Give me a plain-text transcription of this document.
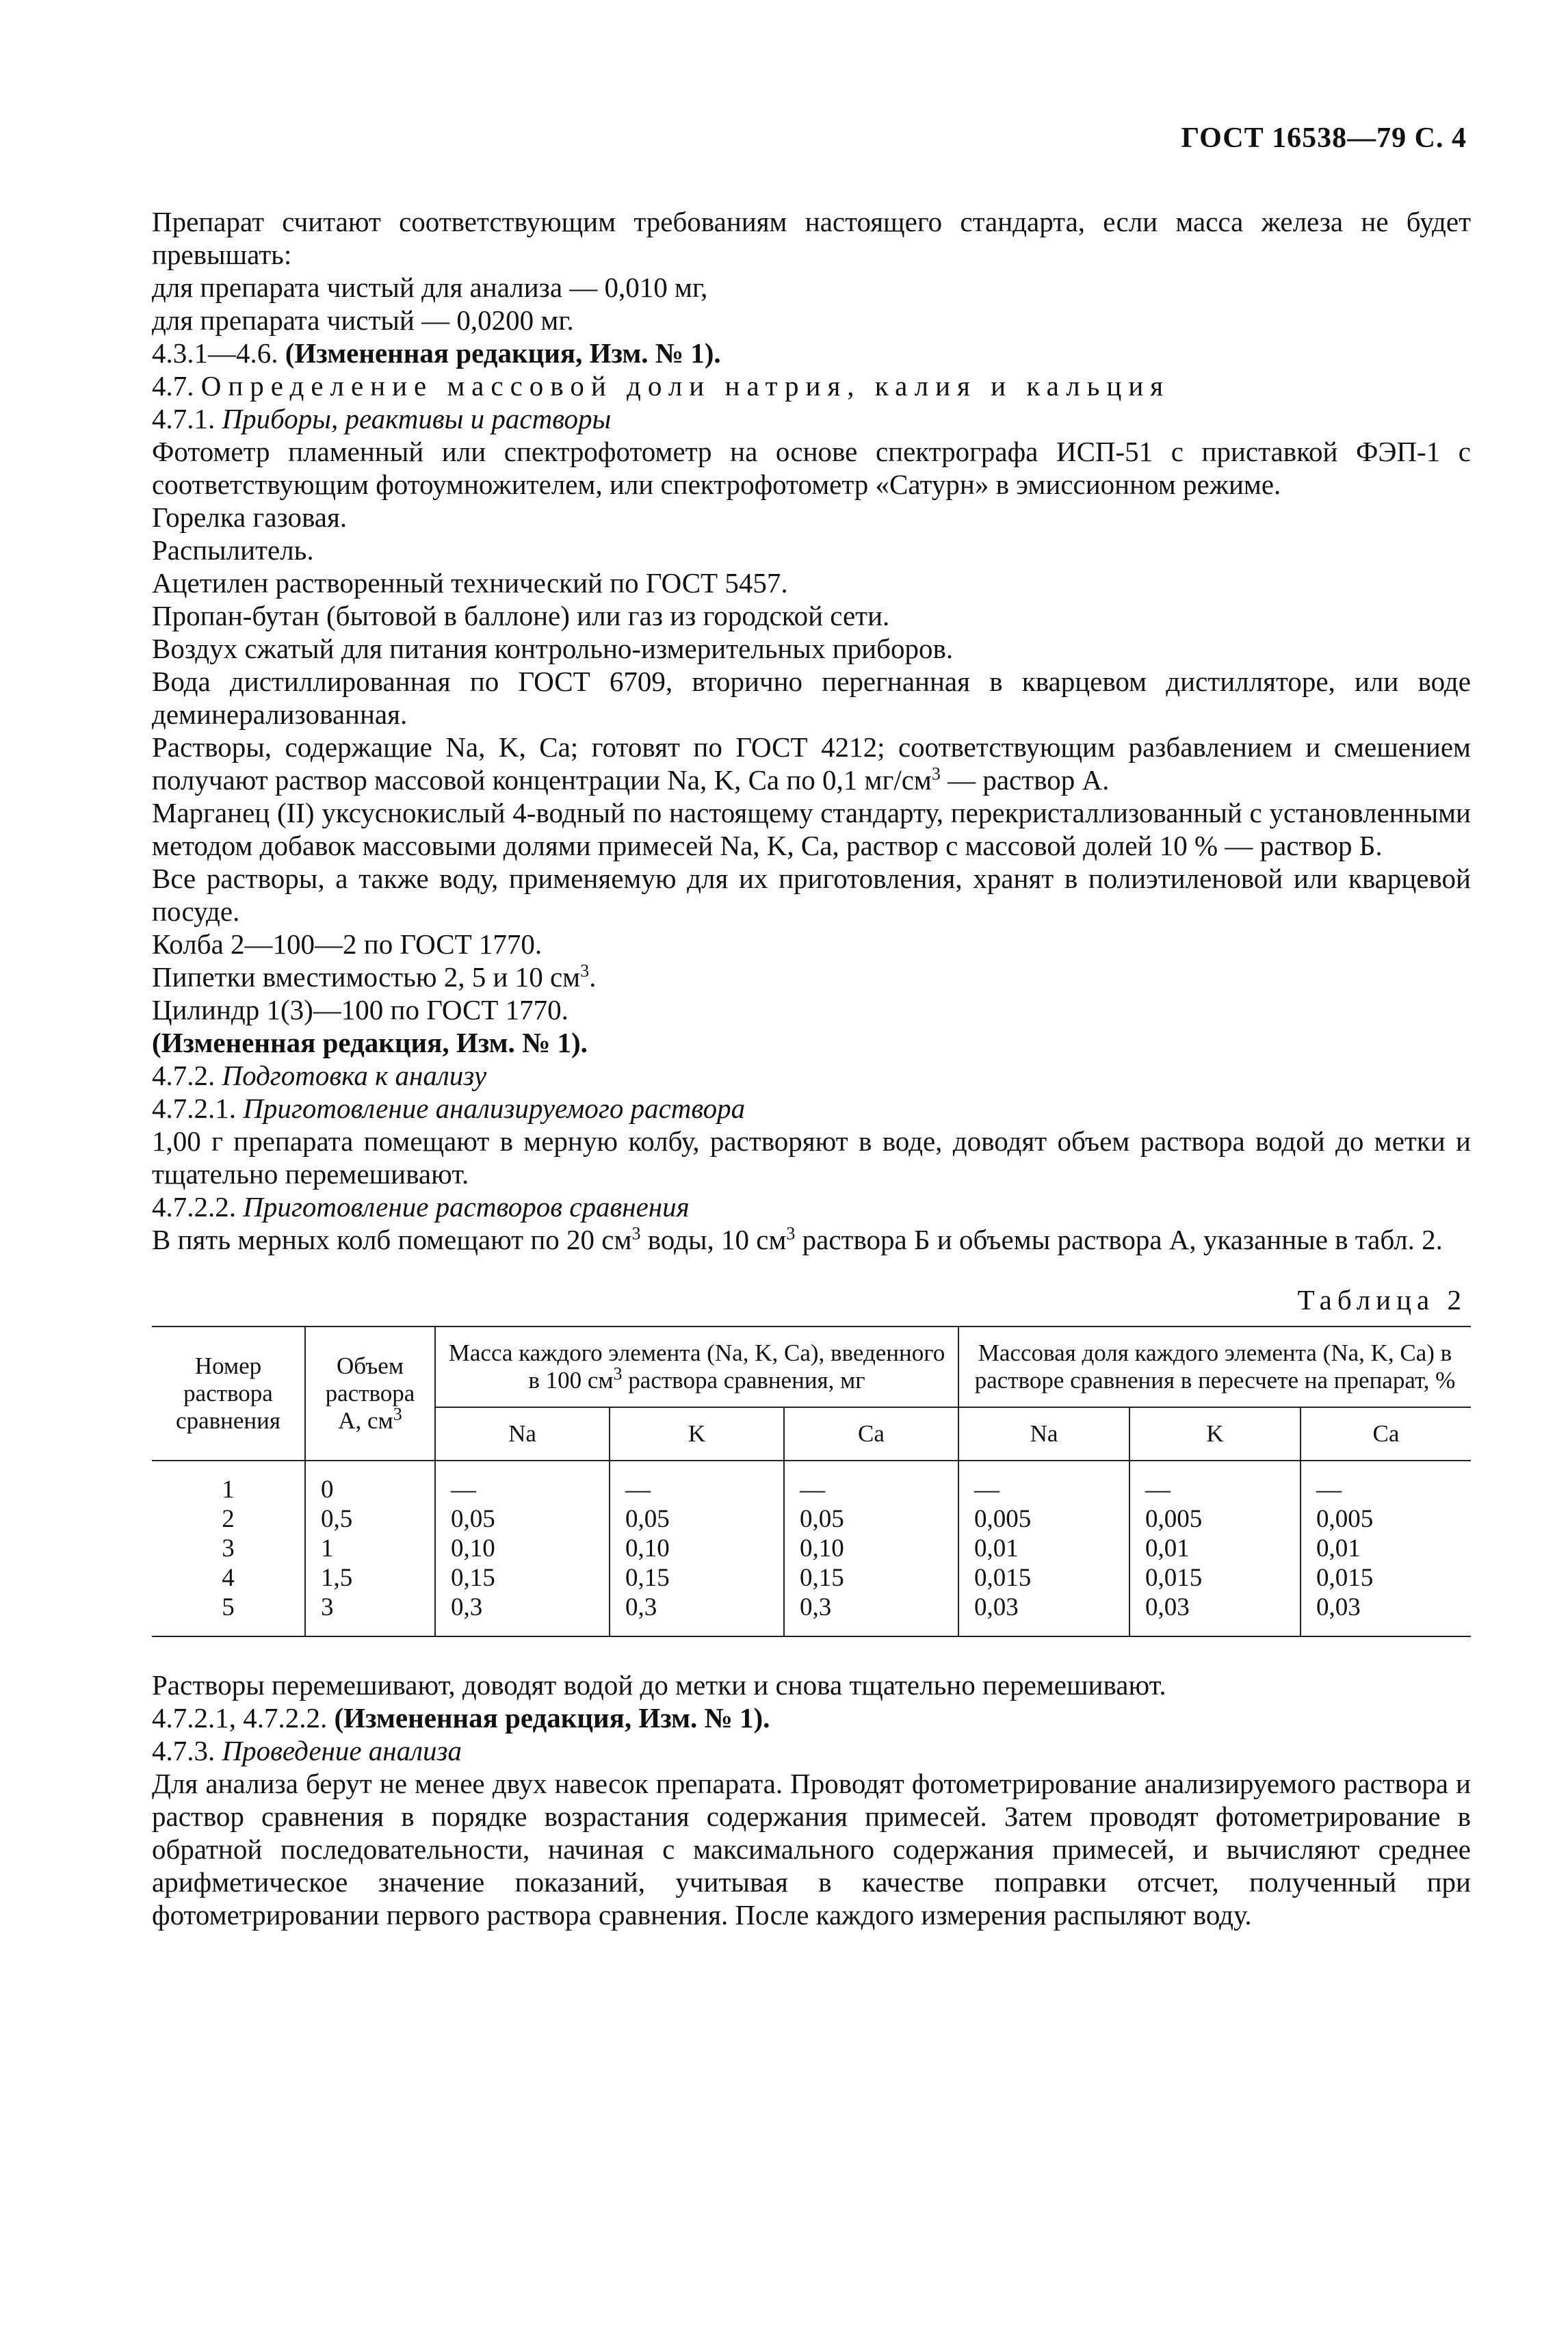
ГОСТ 16538—79 С. 4

Препарат считают соответствующим требованиям настоящего стандарта, если масса железа не будет превышать:

для препарата чистый для анализа — 0,010 мг,

для препарата чистый — 0,0200 мг.

4.3.1—4.6. (Измененная редакция, Изм. № 1).

4.7. Определение массовой доли натрия, калия и кальция

4.7.1. Приборы, реактивы и растворы

Фотометр пламенный или спектрофотометр на основе спектрографа ИСП-51 с приставкой ФЭП-1 с соответствующим фотоумножителем, или спектрофотометр «Сатурн» в эмиссионном режиме.

Горелка газовая.

Распылитель.

Ацетилен растворенный технический по ГОСТ 5457.

Пропан-бутан (бытовой в баллоне) или газ из городской сети.

Воздух сжатый для питания контрольно-измерительных приборов.

Вода дистиллированная по ГОСТ 6709, вторично перегнанная в кварцевом дистилляторе, или воде деминерализованная.

Растворы, содержащие Na, K, Ca; готовят по ГОСТ 4212; соответствующим разбавлением и смешением получают раствор массовой концентрации Na, K, Ca по 0,1 $мг/см^3$ — раствор А.

Марганец (II) уксуснокислый 4-водный по настоящему стандарту, перекристаллизованный с установленными методом добавок массовыми долями примесей Na, K, Ca, раствор с массовой долей 10 % — раствор Б.

Все растворы, а также воду, применяемую для их приготовления, хранят в полиэтиленовой или кварцевой посуде.

Колба 2—100—2 по ГОСТ 1770.

Пипетки вместимостью 2, 5 и 10 $см^3$.

Цилиндр 1(3)—100 по ГОСТ 1770.

(Измененная редакция, Изм. № 1).

4.7.2. Подготовка к анализу

4.7.2.1. Приготовление анализируемого раствора

1,00 г препарата помещают в мерную колбу, растворяют в воде, доводят объем раствора водой до метки и тщательно перемешивают.

4.7.2.2. Приготовление растворов сравнения

В пять мерных колб помещают по 20 $см^3$ воды, 10 $см^3$ раствора Б и объемы раствора А, указанные в табл. 2.

Таблица 2
Номер раствора сравнения	Объем раствора А, $см^3$	Масса каждого элемента (Na, K, Ca), введенного в 100 $см^3$ раствора сравнения, мг			Массовая доля каждого элемента (Na, K, Ca) в растворе сравнения в пересчете на препарат, %		
		Na	K	Ca	Na	K	Ca
1	0	—	—	—	—	—	—
2	0,5	0,05	0,05	0,05	0,005	0,005	0,005
3	1	0,10	0,10	0,10	0,01	0,01	0,01
4	1,5	0,15	0,15	0,15	0,015	0,015	0,015
5	3	0,3	0,3	0,3	0,03	0,03	0,03

Растворы перемешивают, доводят водой до метки и снова тщательно перемешивают.

4.7.2.1, 4.7.2.2. (Измененная редакция, Изм. № 1).

4.7.3. Проведение анализа

Для анализа берут не менее двух навесок препарата. Проводят фотометрирование анализируемого раствора и раствор сравнения в порядке возрастания содержания примесей. Затем проводят фотометрирование в обратной последовательности, начиная с максимального содержания примесей, и вычисляют среднее арифметическое значение показаний, учитывая в качестве поправки отсчет, полученный при фотометрировании первого раствора сравнения. После каждого измерения распыляют воду.
